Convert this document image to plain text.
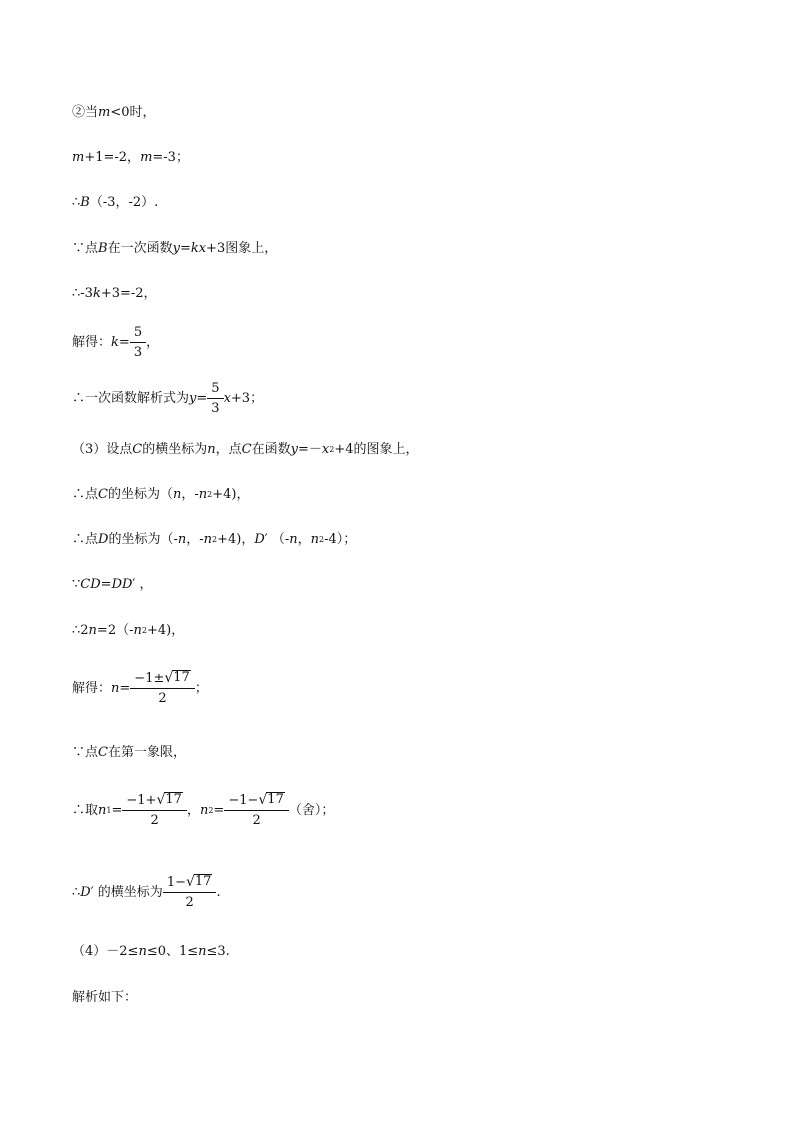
②当 m <0时，
m +1=-2， m =-3；
∴ B （-3，-2）.
∵点 B 在一次函数 y=kx +3图象上，
∴-3 k +3=-2，
解得： $k = \frac{5}{3}$ ，
∴一次函数解析式为 $y = \frac{5}{3}$ x +3；
（3）设点 C 的横坐标为 n ，点 C 在函数 y =－ x 2 +4的图象上，
∴点 C 的坐标为（ n ，- n 2 +4)，
∴点 D 的坐标为（- n ，- n 2 +4)， D ′ （- n ， n 2 -4）；
∵ CD = DD ′ ，
∴2 n =2（- n 2 +4)，
解得： $n = \frac{-1\pm √ 17}{2}$ ；
∵点 C 在第一象限，
∴取 n $1 = \frac{-1+ √ 17}{2}$ ， n $2 = \frac{-1- √ 17}{2}$ （舍）；
∴ D ′ 的横坐标为 $\frac{1- √ 17}{2}$ .
（4）－2≤ n ≤0、1≤ n ≤3.
解析如下：
